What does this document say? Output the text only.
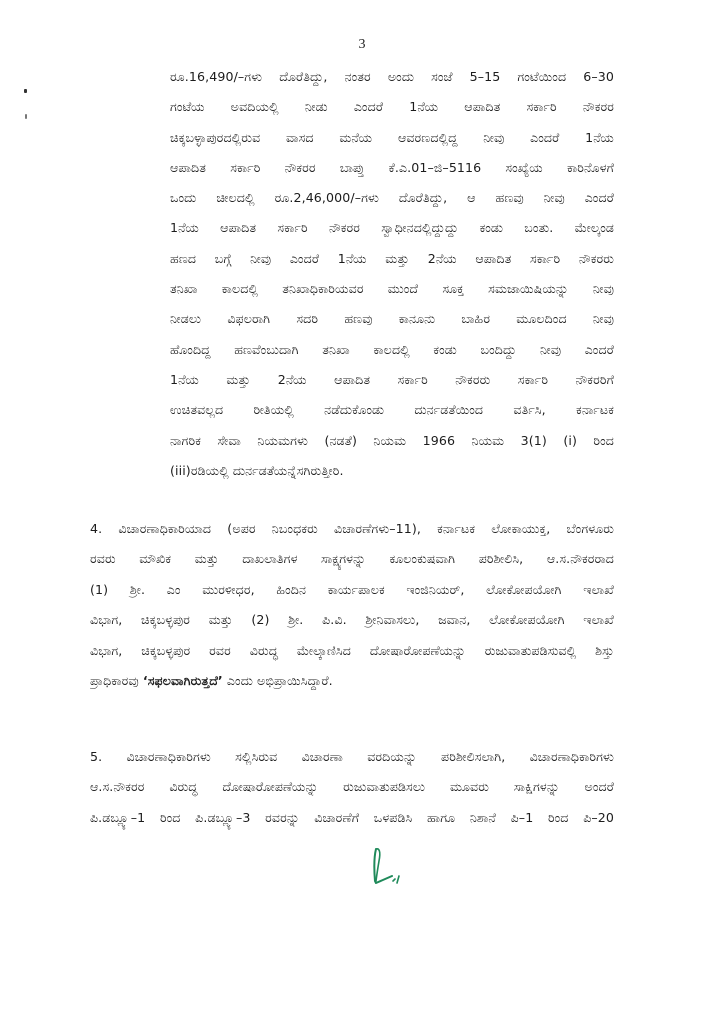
3
ರೂ.16,490/–ಗಳು ದೊರೆತಿದ್ದು, ನಂತರ ಅಂದು ಸಂಜೆ 5–15 ಗಂಟೆಯಿಂದ 6–30
ಗಂಟೆಯ ಅವದಿಯಲ್ಲಿ ನೀಡು ಎಂದರೆ 1ನೆಯ ಆಪಾದಿತ ಸರ್ಕಾರಿ ನೌಕರರ
ಚಿಕ್ಕಬಳ್ಳಾಪುರದಲ್ಲಿರುವ ವಾಸದ ಮನೆಯ ಆವರಣದಲ್ಲಿದ್ದ ನೀವು ಎಂದರೆ 1ನೆಯ
ಆಪಾದಿತ ಸರ್ಕಾರಿ ನೌಕರರ ಬಾಪ್ತು ಕೆ.ಎ.01–ಜಿ–5116 ಸಂಖ್ಯೆಯ ಕಾರಿನೊಳಗೆ
ಒಂದು ಚೀಲದಲ್ಲಿ ರೂ.2,46,000/–ಗಳು ದೊರೆತಿದ್ದು, ಆ ಹಣವು ನೀವು ಎಂದರೆ
1ನೆಯ ಆಪಾದಿತ ಸರ್ಕಾರಿ ನೌಕರರ ಸ್ವಾಧೀನದಲ್ಲಿದ್ದುದ್ದು ಕಂಡು ಬಂತು. ಮೇಲ್ಕಂಡ
ಹಣದ ಬಗ್ಗೆ ನೀವು ಎಂದರೆ 1ನೆಯ ಮತ್ತು 2ನೆಯ ಆಪಾದಿತ ಸರ್ಕಾರಿ ನೌಕರರು
ತನಿಖಾ ಕಾಲದಲ್ಲಿ ತನಿಖಾಧಿಕಾರಿಯವರ ಮುಂದೆ ಸೂಕ್ತ ಸಮಜಾಯಿಷಿಯನ್ನು ನೀವು
ನೀಡಲು ವಿಫಲರಾಗಿ ಸದರಿ ಹಣವು ಕಾನೂನು ಬಾಹಿರ ಮೂಲದಿಂದ ನೀವು
ಹೊಂದಿದ್ದ ಹಣವೆಂಬುದಾಗಿ ತನಿಖಾ ಕಾಲದಲ್ಲಿ ಕಂಡು ಬಂದಿದ್ದು ನೀವು ಎಂದರೆ
1ನೆಯ ಮತ್ತು 2ನೆಯ ಆಪಾದಿತ ಸರ್ಕಾರಿ ನೌಕರರು ಸರ್ಕಾರಿ ನೌಕರರಿಗೆ
ಉಚಿತವಲ್ಲದ ರೀತಿಯಲ್ಲಿ ನಡೆದುಕೊಂಡು ದುರ್ನಡತೆಯಿಂದ ವರ್ತಿಸಿ, ಕರ್ನಾಟಕ
ನಾಗರಿಕ ಸೇವಾ ನಿಯಮಗಳು (ನಡತೆ) ನಿಯಮ 1966 ನಿಯಮ 3(1) (i) ರಿಂದ
(iii)ರಡಿಯಲ್ಲಿ ದುರ್ನಡತೆಯನ್ನೆಸಗಿರುತ್ತೀರಿ.
4. ವಿಚಾರಣಾಧಿಕಾರಿಯಾದ (ಅಪರ ನಿಬಂಧಕರು ವಿಚಾರಣೆಗಳು–11), ಕರ್ನಾಟಕ ಲೋಕಾಯುಕ್ತ, ಬೆಂಗಳೂರು
ರವರು ಮೌಖಿಕ ಮತ್ತು ದಾಖಲಾತಿಗಳ ಸಾಕ್ಷ್ಯಗಳನ್ನು ಕೂಲಂಕುಷವಾಗಿ ಪರಿಶೀಲಿಸಿ, ಆ.ಸ.ನೌಕರರಾದ
(1) ಶ್ರೀ. ಎಂ ಮುರಳೀಧರ, ಹಿಂದಿನ ಕಾರ್ಯಪಾಲಕ ಇಂಜಿನಿಯರ್, ಲೋಕೋಪಯೋಗಿ ಇಲಾಖೆ
ವಿಭಾಗ, ಚಿಕ್ಕಬಳ್ಳಪುರ ಮತ್ತು (2) ಶ್ರೀ. ಪಿ.ವಿ. ಶ್ರೀನಿವಾಸಲು, ಜವಾನ, ಲೋಕೋಪಯೋಗಿ ಇಲಾಖೆ
ವಿಭಾಗ, ಚಿಕ್ಕಬಳ್ಳಪುರ ರವರ ವಿರುದ್ಧ ಮೇಲ್ಕಾಣಿಸಿದ ದೋಷಾರೋಪಣೆಯನ್ನು ರುಜುವಾತುಪಡಿಸುವಲ್ಲಿ ಶಿಸ್ತು
ಪ್ರಾಧಿಕಾರವು ‘ಸಫಲವಾಗಿರುತ್ತದೆ’ ಎಂದು ಅಭಿಪ್ರಾಯಿಸಿದ್ದಾರೆ.
5. ವಿಚಾರಣಾಧಿಕಾರಿಗಳು ಸಲ್ಲಿಸಿರುವ ವಿಚಾರಣಾ ವರದಿಯನ್ನು ಪರಿಶೀಲಿಸಲಾಗಿ, ವಿಚಾರಣಾಧಿಕಾರಿಗಳು
ಆ.ಸ.ನೌಕರರ ವಿರುದ್ಧ ದೋಷಾರೋಪಣೆಯನ್ನು ರುಜುವಾತುಪಡಿಸಲು ಮೂವರು ಸಾಕ್ಷಿಗಳನ್ನು ಅಂದರೆ
ಪಿ.ಡಬ್ಲ್ಯೂ–1 ರಿಂದ ಪಿ.ಡಬ್ಲ್ಯೂ–3 ರವರನ್ನು ವಿಚಾರಣೆಗೆ ಒಳಪಡಿಸಿ ಹಾಗೂ ನಿಶಾನೆ ಪಿ–1 ರಿಂದ ಪಿ–20
